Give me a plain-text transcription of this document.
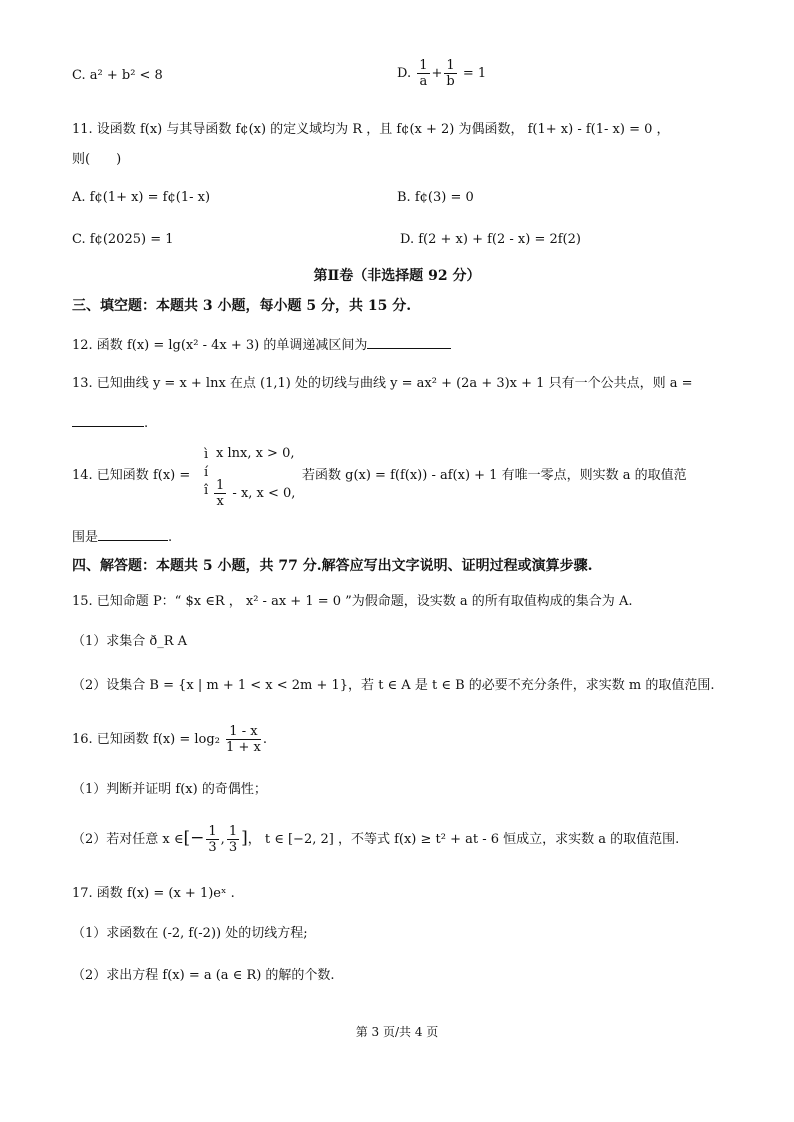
C. a² + b² < 8	D. $\frac{1}{a} + \frac{1}{b} = 1$
11. 设函数 f(x) 与其导函数 f¢(x) 的定义域均为 R ，且 f¢(x + 2) 为偶函数， f(1+ x) - f(1- x) = 0 ，
则(　　)
A. f¢(1+ x) = f¢(1- x)	B. f¢(3) = 0
C. f¢(2025) = 1	D. f(2 + x) + f(2 - x) = 2f(2)
第Ⅱ卷（非选择题 92 分）
三、填空题：本题共 3 小题，每小题 5 分，共 15 分.
12. 函数 f(x) = lg(x² - 4x + 3) 的单调递减区间为
13. 已知曲线 y = x + lnx 在点 (1,1) 处的切线与曲线 y = ax² + (2a + 3)x + 1 只有一个公共点，则 a =
.
14. 已知函数 f(x) =
ì
í
î
x lnx, x > 0,
$\frac{1}{x}$ - x, x < 0,
若函数 g(x) = f(f(x)) - af(x) + 1 有唯一零点，则实数 a 的取值范
围是	.
四、解答题：本题共 5 小题，共 77 分.解答应写出文字说明、证明过程或演算步骤.
15. 已知命题 P：“ $x ∈R ， x² - ax + 1 = 0 ”为假命题，设实数 a 的所有取值构成的集合为 A.
（1）求集合 ð_R A
（2）设集合 B = {x | m + 1 < x < 2m + 1}，若 t ∈ A 是 t ∈ B 的必要不充分条件，求实数 m 的取值范围.
16. 已知函数 $f(x) = \log_2 \frac{1 - x}{1 + x}$ .
（1）判断并证明 f(x) 的奇偶性；
（2）若对任意 x ∈[− $\frac{1}{3}$ , $\frac{1}{3}$ ]， t ∈ [−2, 2] ，不等式 f(x) ≥ t² + at - 6 恒成立，求实数 a 的取值范围.
17. 函数 f(x) = (x + 1)eˣ .
（1）求函数在 (-2, f(-2)) 处的切线方程;
（2）求出方程 f(x) = a (a ∈ R) 的解的个数.
第 3 页/共 4 页
